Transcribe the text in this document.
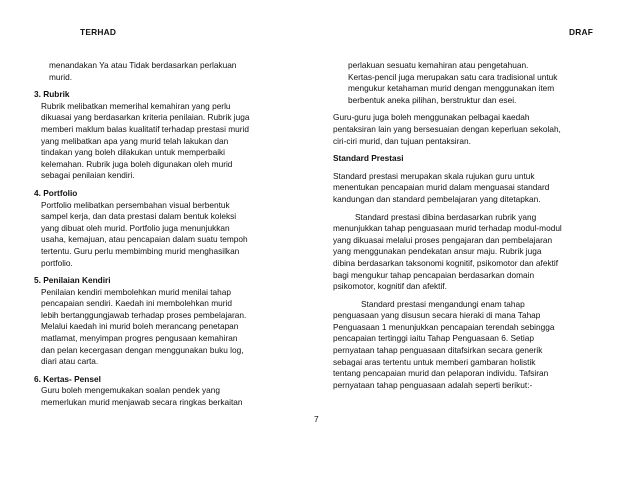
TERHAD	DRAF
menandakan Ya atau Tidak berdasarkan perlakuan
murid.
3. Rubrik
Rubrik melibatkan memerihal kemahiran yang perlu
dikuasai yang berdasarkan kriteria penilaian. Rubrik juga
memberi maklum balas kualitatif terhadap prestasi murid
yang melibatkan apa yang murid telah lakukan dan
tindakan yang boleh dilakukan untuk memperbaiki
kelemahan. Rubrik juga boleh digunakan oleh murid
sebagai penilaian kendiri.
4. Portfolio
Portfolio melibatkan persembahan visual berbentuk
sampel kerja, dan data prestasi dalam bentuk koleksi
yang dibuat oleh murid. Portfolio juga menunjukkan
usaha, kemajuan, atau pencapaian dalam suatu tempoh
tertentu. Guru perlu membimbing murid menghasilkan
portfolio.
5. Penilaian Kendiri
Penilaian kendiri membolehkan murid menilai tahap
pencapaian sendiri. Kaedah ini membolehkan murid
lebih bertanggungjawab terhadap proses pembelajaran.
Melalui kaedah ini murid boleh merancang penetapan
matlamat, menyimpan progres pengusaan kemahiran
dan pelan kecergasan dengan menggunakan buku log,
diari atau carta.
6. Kertas- Pensel
Guru boleh mengemukakan soalan pendek yang
memerlukan murid menjawab secara ringkas berkaitan
perlakuan sesuatu kemahiran atau pengetahuan.
Kertas-pencil juga merupakan satu cara tradisional untuk
mengukur ketahaman murid dengan menggunakan item
berbentuk aneka pilihan, berstruktur dan esei.
Guru-guru juga boleh menggunakan pelbagai kaedah
pentaksiran lain yang bersesuaian dengan keperluan sekolah,
ciri-ciri murid, dan tujuan pentaksiran.
Standard Prestasi
Standard prestasi merupakan skala rujukan guru untuk
menentukan pencapaian murid dalam menguasai standard
kandungan dan standard pembelajaran yang ditetapkan.
Standard prestasi dibina berdasarkan rubrik yang
menunjukkan tahap penguasaan murid terhadap modul-modul
yang dikuasai melalui proses pengajaran dan pembelajaran
yang menggunakan pendekatan ansur maju. Rubrik juga
dibina berdasarkan taksonomi kognitif, psikomotor dan afektif
bagi mengukur tahap pencapaian berdasarkan domain
psikomotor, kognitif dan afektif.
Standard prestasi mengandungi enam tahap
penguasaan yang disusun secara hieraki di mana Tahap
Penguasaan 1 menunjukkan pencapaian terendah sebingga
pencapaian tertinggi iaitu Tahap Penguasaan 6. Setiap
pernyataan tahap penguasaan ditafsirkan secara generik
sebagai aras tertentu untuk memberi gambaran holistik
tentang pencapaian murid dan pelaporan individu. Tafsiran
pernyataan tahap penguasaan adalah seperti berikut:-
7
